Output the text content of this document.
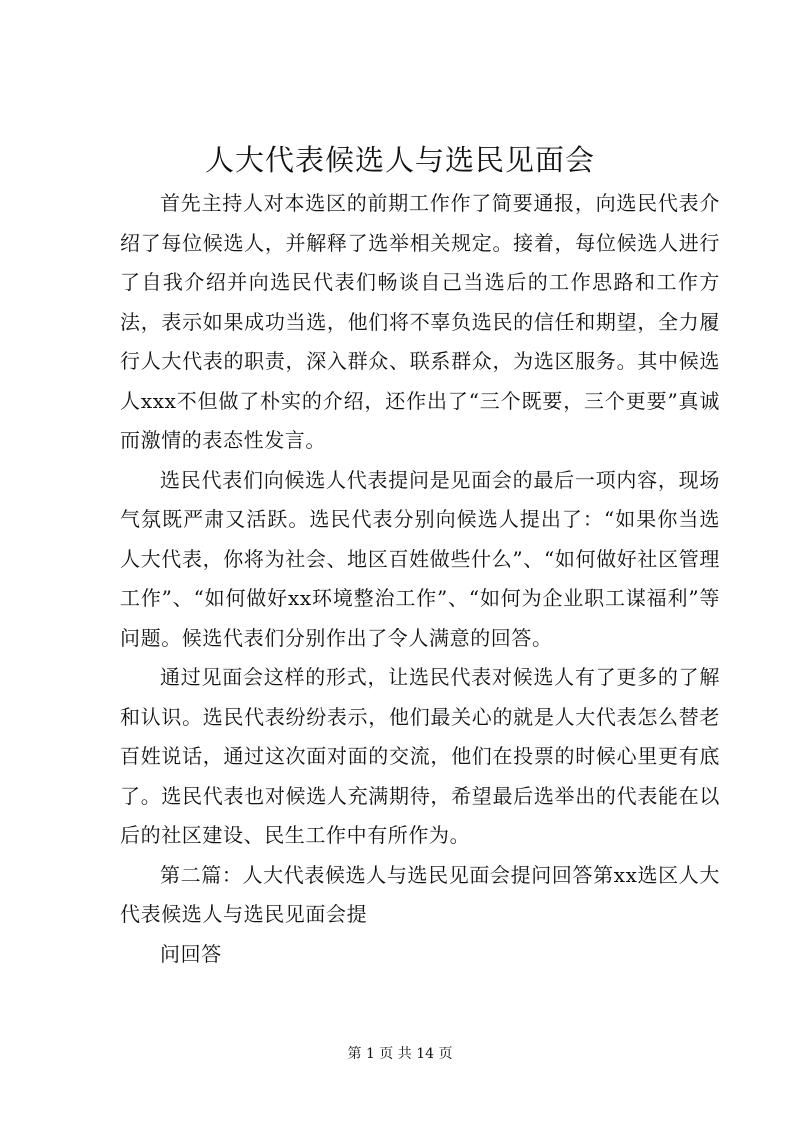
人大代表候选人与选民见面会

首先主持人对本选区的前期工作作了简要通报，向选民代表介绍了每位候选人，并解释了选举相关规定。接着，每位候选人进行了自我介绍并向选民代表们畅谈自己当选后的工作思路和工作方法，表示如果成功当选，他们将不辜负选民的信任和期望，全力履行人大代表的职责，深入群众、联系群众，为选区服务。其中候选人xxx不但做了朴实的介绍，还作出了“三个既要，三个更要”真诚而激情的表态性发言。

选民代表们向候选人代表提问是见面会的最后一项内容，现场气氛既严肃又活跃。选民代表分别向候选人提出了：“如果你当选人大代表，你将为社会、地区百姓做些什么”、“如何做好社区管理工作”、“如何做好xx环境整治工作”、“如何为企业职工谋福利”等问题。候选代表们分别作出了令人满意的回答。

通过见面会这样的形式，让选民代表对候选人有了更多的了解和认识。选民代表纷纷表示，他们最关心的就是人大代表怎么替老百姓说话，通过这次面对面的交流，他们在投票的时候心里更有底了。选民代表也对候选人充满期待，希望最后选举出的代表能在以后的社区建设、民生工作中有所作为。

第二篇：人大代表候选人与选民见面会提问回答第xx选区人大代表候选人与选民见面会提

问回答

第 1 页 共 14 页
